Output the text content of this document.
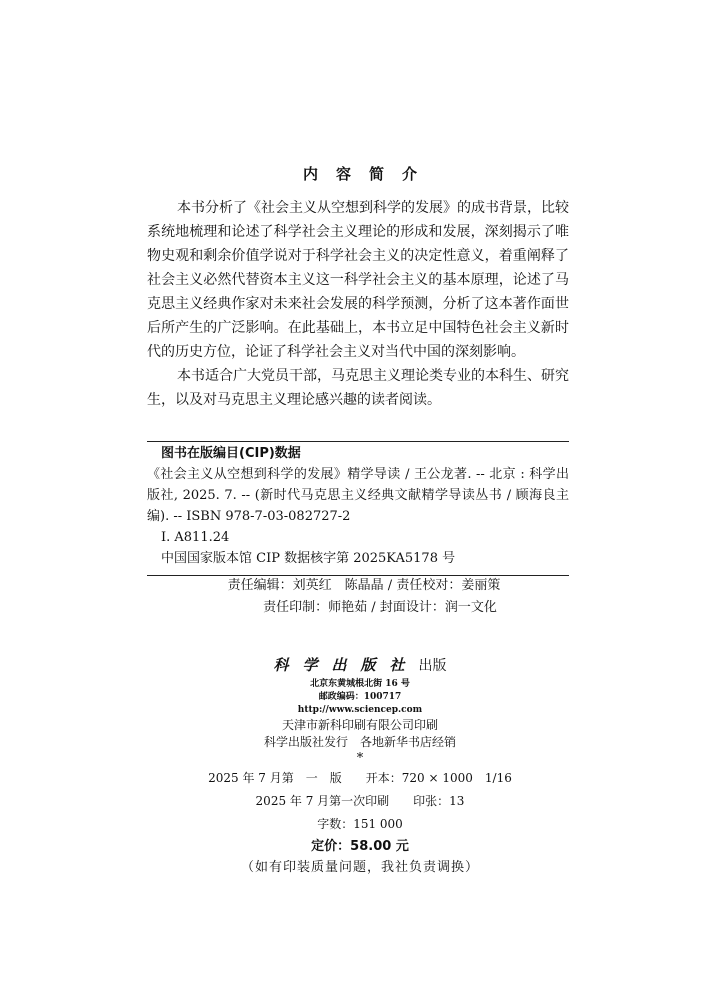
内容简介

本书分析了《社会主义从空想到科学的发展》的成书背景，比较系统地梳理和论述了科学社会主义理论的形成和发展，深刻揭示了唯物史观和剩余价值学说对于科学社会主义的决定性意义，着重阐释了社会主义必然代替资本主义这一科学社会主义的基本原理，论述了马克思主义经典作家对未来社会发展的科学预测，分析了这本著作面世后所产生的广泛影响。在此基础上，本书立足中国特色社会主义新时代的历史方位，论证了科学社会主义对当代中国的深刻影响。

本书适合广大党员干部，马克思主义理论类专业的本科生、研究生，以及对马克思主义理论感兴趣的读者阅读。

图书在版编目(CIP)数据
《社会主义从空想到科学的发展》精学导读 / 王公龙著. -- 北京 : 科学出版社, 2025. 7. -- (新时代马克思主义经典文献精学导读丛书 / 顾海良主编). -- ISBN 978-7-03-082727-2
Ⅰ. A811.24
中国国家版本馆 CIP 数据核字第 2025KA5178 号
责任编辑：刘英红　陈晶晶 / 责任校对：姜丽策
责任印制：师艳茹 / 封面设计：润一文化
科学出版社出版
北京东黄城根北街 16 号
邮政编码：100717
http://www.sciencep.com
天津市新科印刷有限公司印刷
科学出版社发行　各地新华书店经销
*
2025 年 7 月第　一　版　　开本：720 × 1000　1/16
2025 年 7 月第一次印刷　　印张：13
字数：151 000
定价：58.00 元
（如有印装质量问题，我社负责调换）
